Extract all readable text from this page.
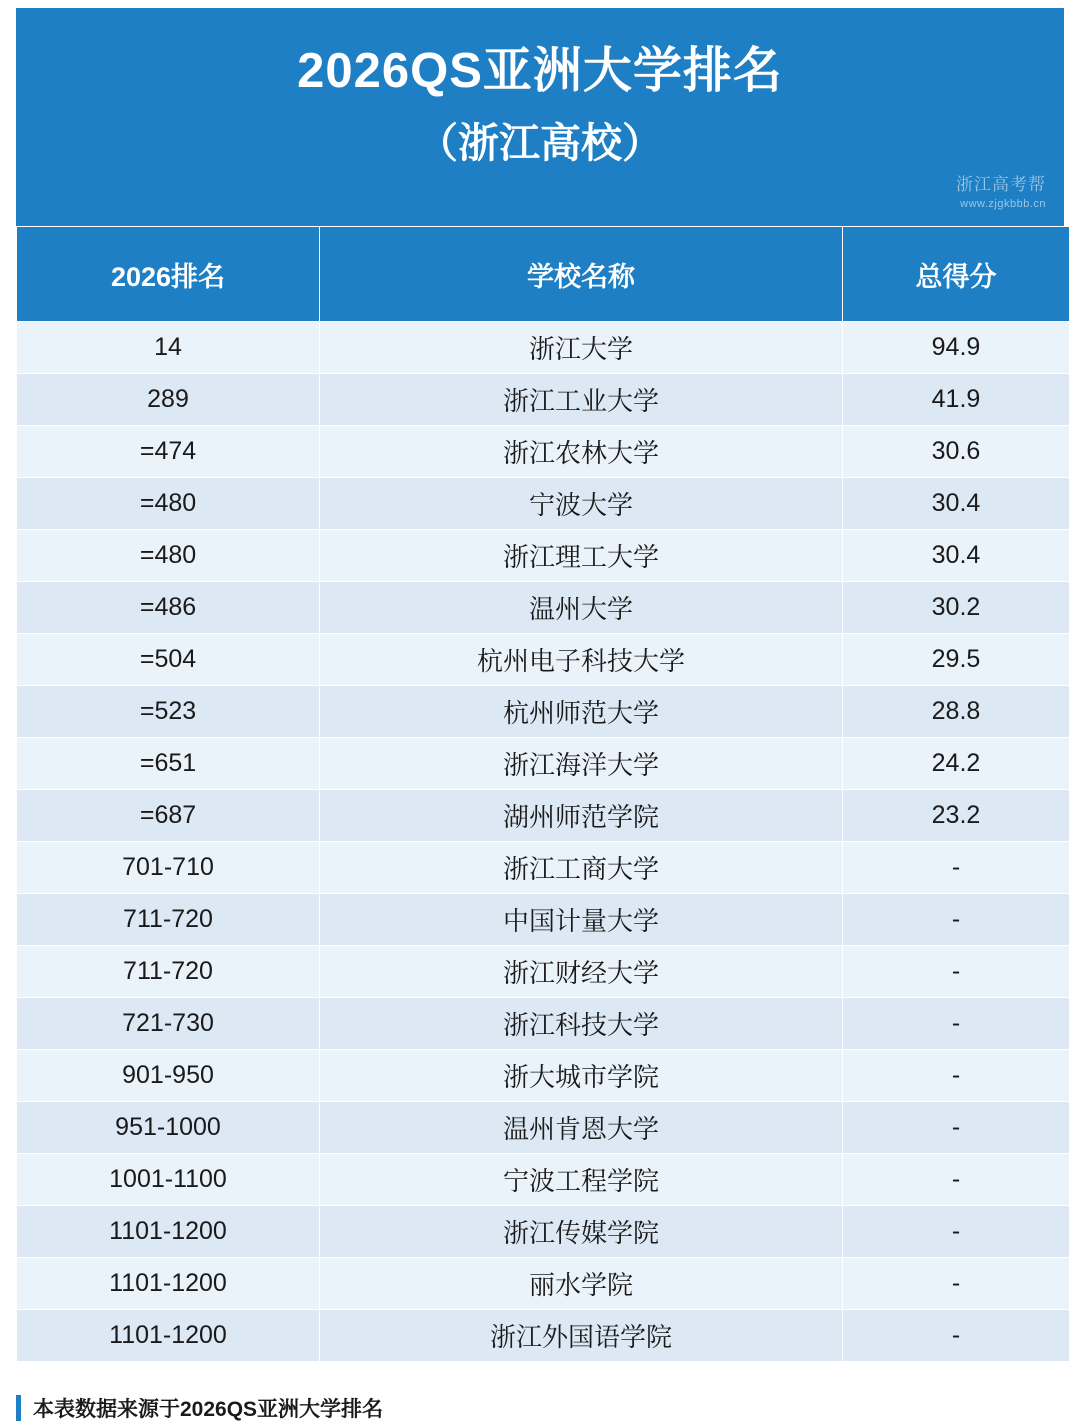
2026QS亚洲大学排名
（浙江高校）
浙江高考帮
www.zjgkbbb.cn
2026排名	学校名称	总得分
14	浙江大学	94.9
289	浙江工业大学	41.9
=474	浙江农林大学	30.6
=480	宁波大学	30.4
=480	浙江理工大学	30.4
=486	温州大学	30.2
=504	杭州电子科技大学	29.5
=523	杭州师范大学	28.8
=651	浙江海洋大学	24.2
=687	湖州师范学院	23.2
701-710	浙江工商大学	-
711-720	中国计量大学	-
711-720	浙江财经大学	-
721-730	浙江科技大学	-
901-950	浙大城市学院	-
951-1000	温州肯恩大学	-
1001-1100	宁波工程学院	-
1101-1200	浙江传媒学院	-
1101-1200	丽水学院	-
1101-1200	浙江外国语学院	-
本表数据来源于2026QS亚洲大学排名
